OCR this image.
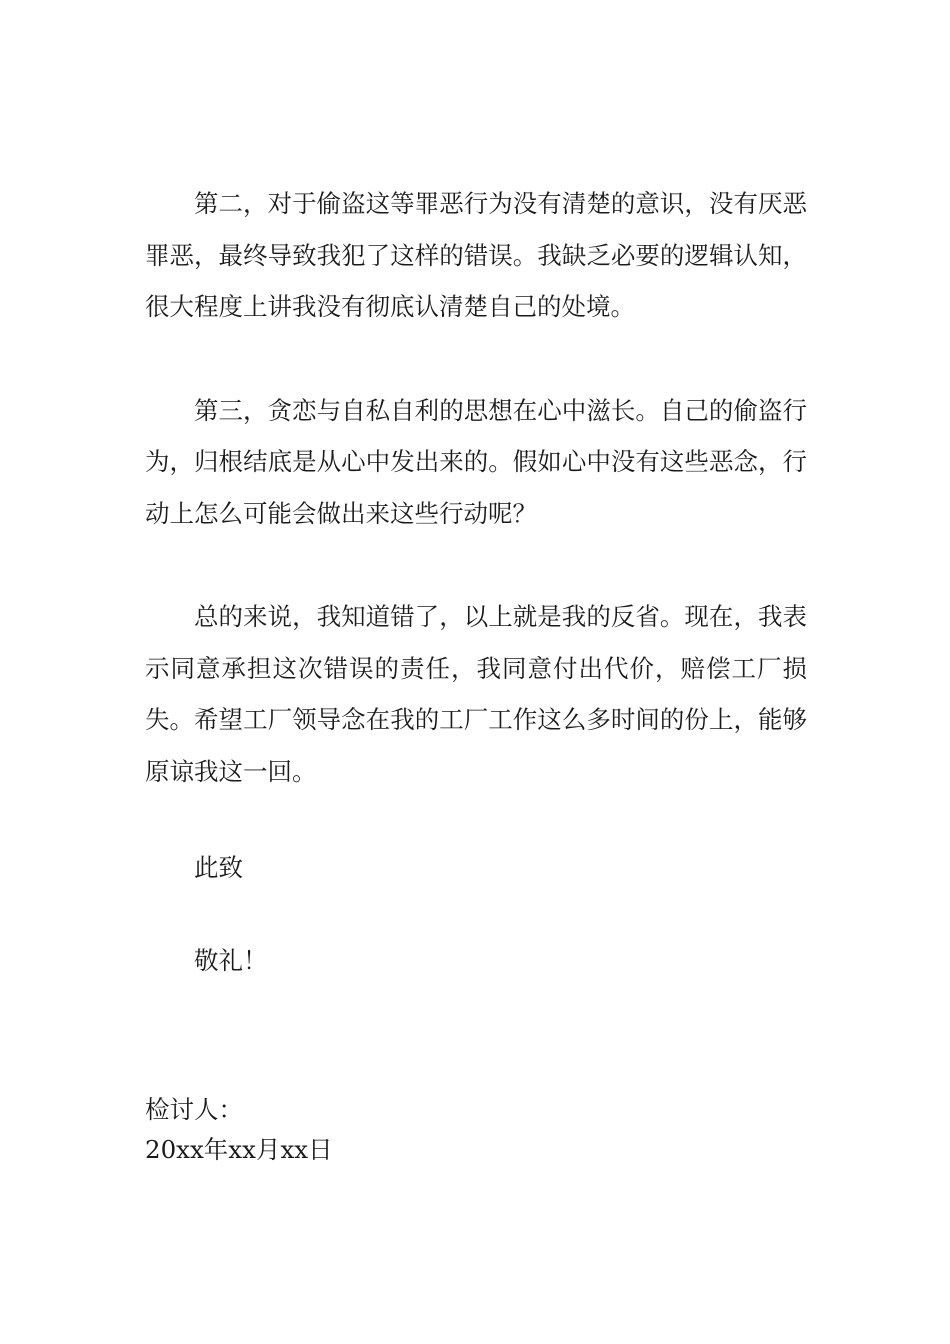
第二，对于偷盗这等罪恶行为没有清楚的意识，没有厌恶罪恶，最终导致我犯了这样的错误。我缺乏必要的逻辑认知，很大程度上讲我没有彻底认清楚自己的处境。

第三，贪恋与自私自利的思想在心中滋长。自己的偷盗行为，归根结底是从心中发出来的。假如心中没有这些恶念，行动上怎么可能会做出来这些行动呢？

总的来说，我知道错了，以上就是我的反省。现在，我表示同意承担这次错误的责任，我同意付出代价，赔偿工厂损失。希望工厂领导念在我的工厂工作这么多时间的份上，能够原谅我这一回。

此致

敬礼！

检讨人：

20xx年xx月xx日
